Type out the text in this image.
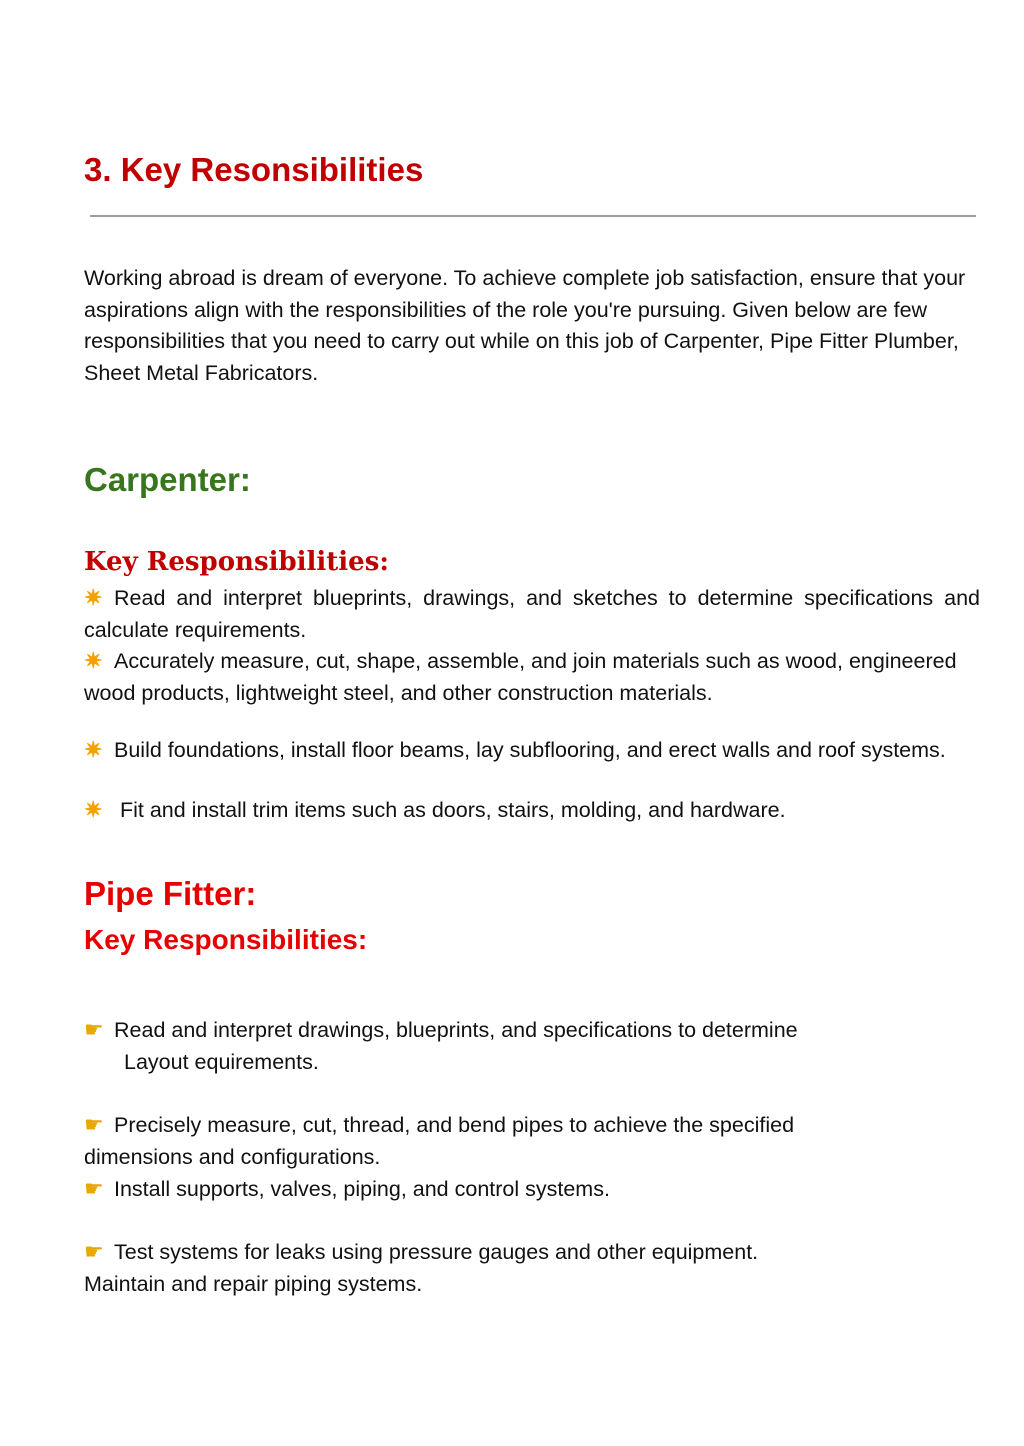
3. Key Resonsibilities

Working abroad is dream of everyone. To achieve complete job satisfaction, ensure that your aspirations align with the responsibilities of the role you're pursuing. Given below are few responsibilities that you need to carry out while on this job of Carpenter, Pipe Fitter Plumber, Sheet Metal Fabricators.

Carpenter:
Key Responsibilities:

✷ Read and interpret blueprints, drawings, and sketches to determine specifications and calculate requirements.

✷ Accurately measure, cut, shape, assemble, and join materials such as wood, engineered wood products, lightweight steel, and other construction materials.

✷ Build foundations, install floor beams, lay subflooring, and erect walls and roof systems.

✷ Fit and install trim items such as doors, stairs, molding, and hardware.

Pipe Fitter:
Key Responsibilities:

☛ Read and interpret drawings, blueprints, and specifications to determine
Layout equirements.

☛ Precisely measure, cut, thread, and bend pipes to achieve the specified
dimensions and configurations.

☛ Install supports, valves, piping, and control systems.

☛ Test systems for leaks using pressure gauges and other equipment.
Maintain and repair piping systems.
